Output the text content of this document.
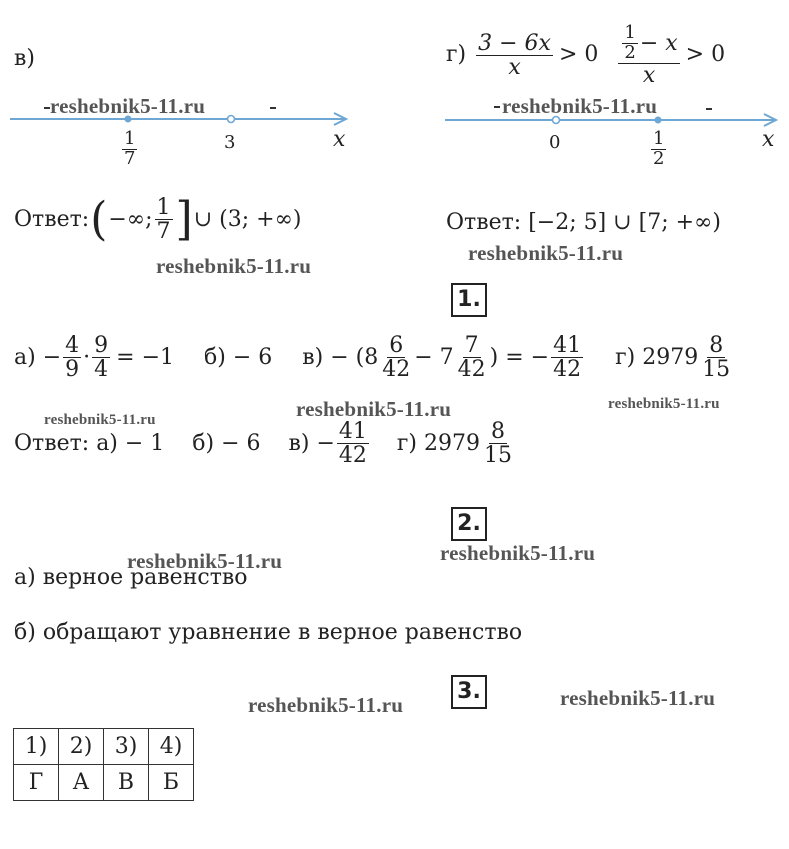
в)
$\frac{1}{7}$	3	x
Ответ: ( −∞; $\frac{1}{7}$ ] ∪ (3; +∞)
$г) \frac{3 - 6x}{x} > 0 \frac{\frac{1}{2} - x}{x} > 0$
0	$\frac{1}{2}$	x
Ответ: [−2; 5] ∪ [7; +∞)
1.
$а) - \frac{4}{9} \cdot \frac{9}{4} = -1$ б) − 6 $в) - (8 \frac{6}{42} - 7 \frac{7}{42}$ ) = − $\frac{41}{42} г$) $2979 \frac{8}{15}$
Ответ: а) − 1    б) − 6    $в) - \frac{41}{42} г$) $2979 \frac{8}{15}$
2.
а) верное равенство
б) обращают уравнение в верное равенство
3.
1)	2)	3)	4)
Г	А	В	Б
reshebnik5-11.ru	reshebnik5-11.ru
reshebnik5-11.ru
reshebnik5-11.ru
reshebnik5-11.ru	reshebnik5-11.ru	reshebnik5-11.ru
reshebnik5-11.ru	reshebnik5-11.ru
reshebnik5-11.ru	reshebnik5-11.ru
